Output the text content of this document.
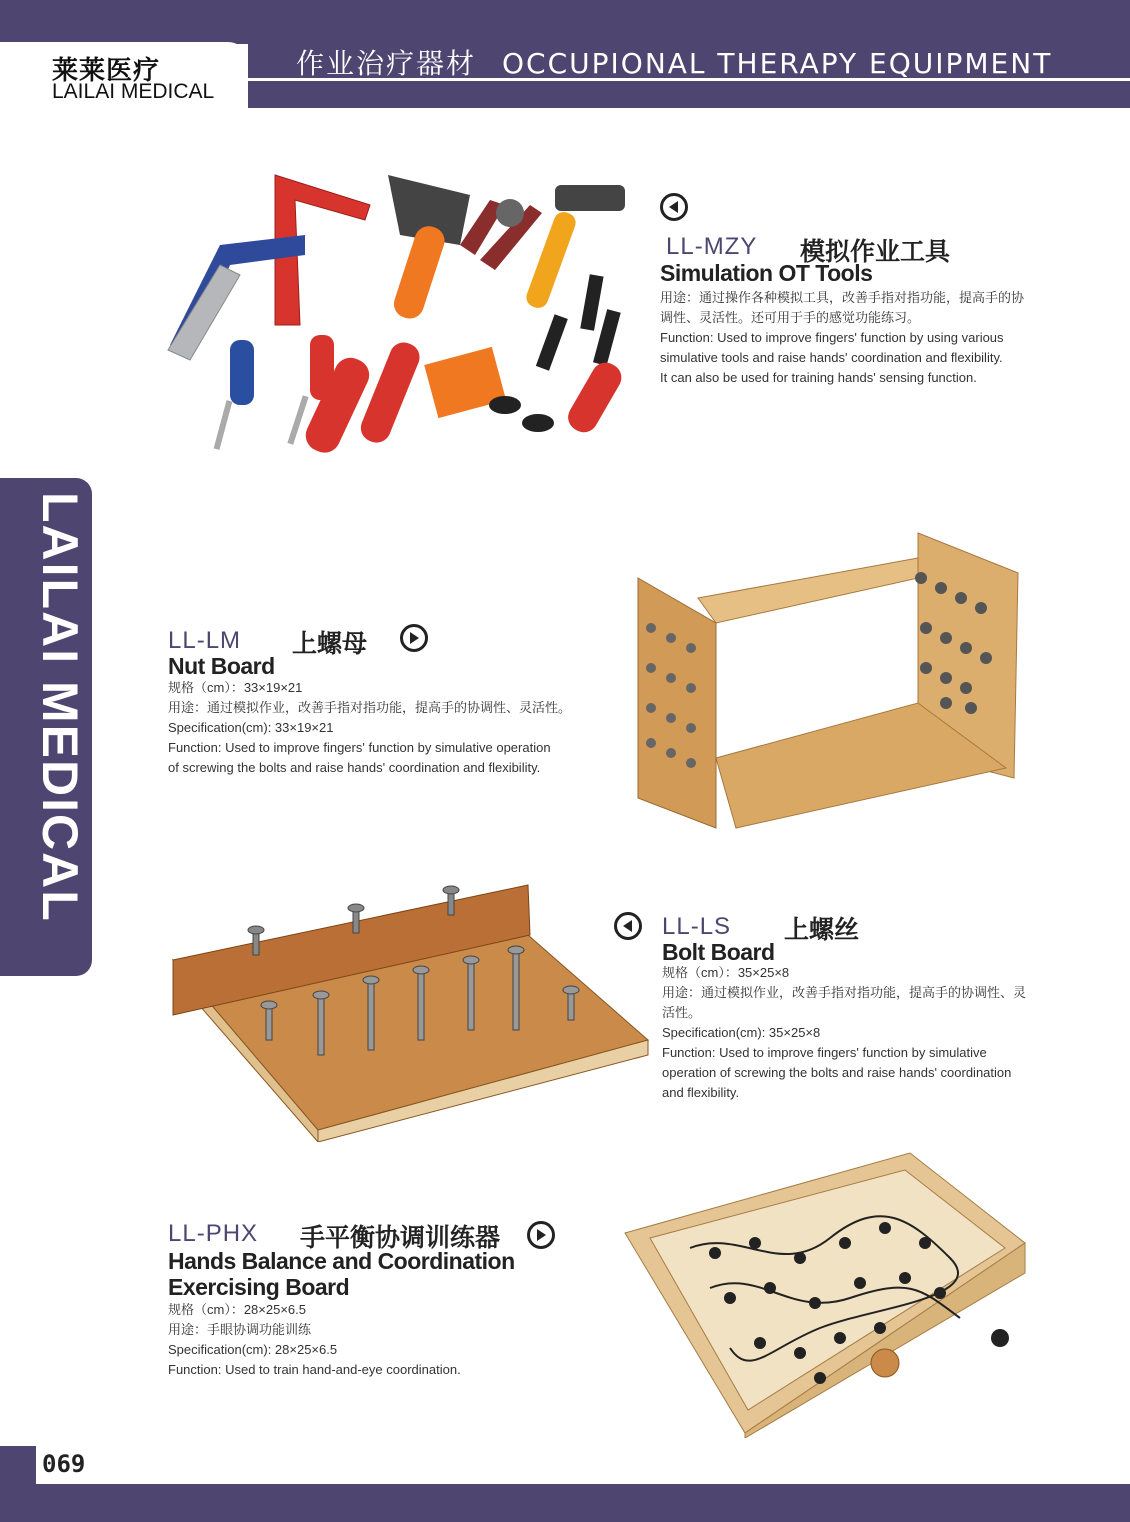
莱莱医疗
LAILAI MEDICAL
作业治疗器材 OCCUPIONAL THERAPY EQUIPMENT
LAILAI MEDICAL
LL-MZY 模拟作业工具
Simulation OT Tools
用途：通过操作各种模拟工具，改善手指对指功能，提高手的协
调性、灵活性。还可用于手的感觉功能练习。
Function: Used to improve fingers' function by using various
simulative tools and raise hands' coordination and flexibility.
It can also be used for training hands' sensing function.
LL-LM 上螺母
Nut Board
规格（cm）：33×19×21
用途：通过模拟作业，改善手指对指功能，提高手的协调性、灵活性。
Specification(cm): 33×19×21
Function: Used to improve fingers' function by simulative operation
of screwing the bolts and raise hands' coordination and flexibility.
LL-LS 上螺丝
Bolt Board
规格（cm）：35×25×8
用途：通过模拟作业，改善手指对指功能，提高手的协调性、灵
活性。
Specification(cm): 35×25×8
Function: Used to improve fingers' function by simulative
operation of screwing the bolts and raise hands' coordination
and flexibility.
LL-PHX 手平衡协调训练器
Hands Balance and Coordination
Exercising Board
规格（cm）：28×25×6.5
用途：手眼协调功能训练
Specification(cm): 28×25×6.5
Function: Used to train hand-and-eye coordination.
069
